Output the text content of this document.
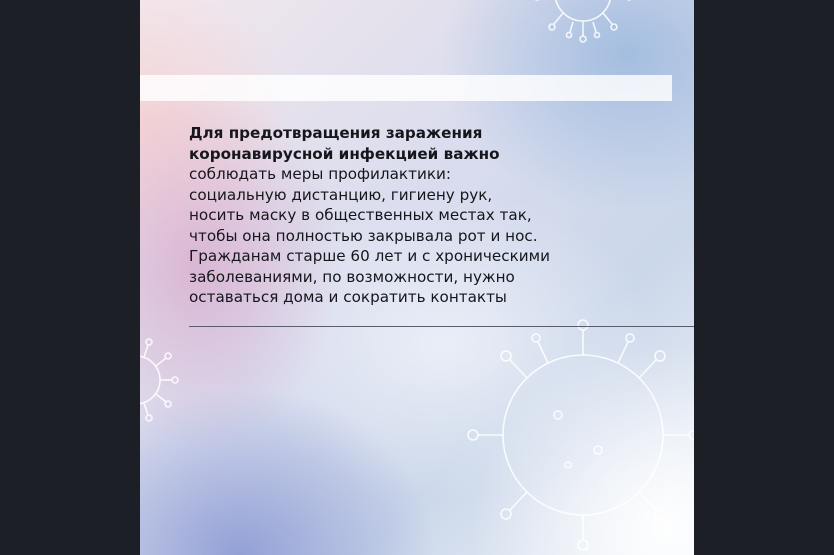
Для предотвращения заражения
коронавирусной инфекцией важно
соблюдать меры профилактики:
социальную дистанцию, гигиену рук,
носить маску в общественных местах так,
чтобы она полностью закрывала рот и нос.
Гражданам старше 60 лет и с хроническими
заболеваниями, по возможности, нужно
оставаться дома и сократить контакты
